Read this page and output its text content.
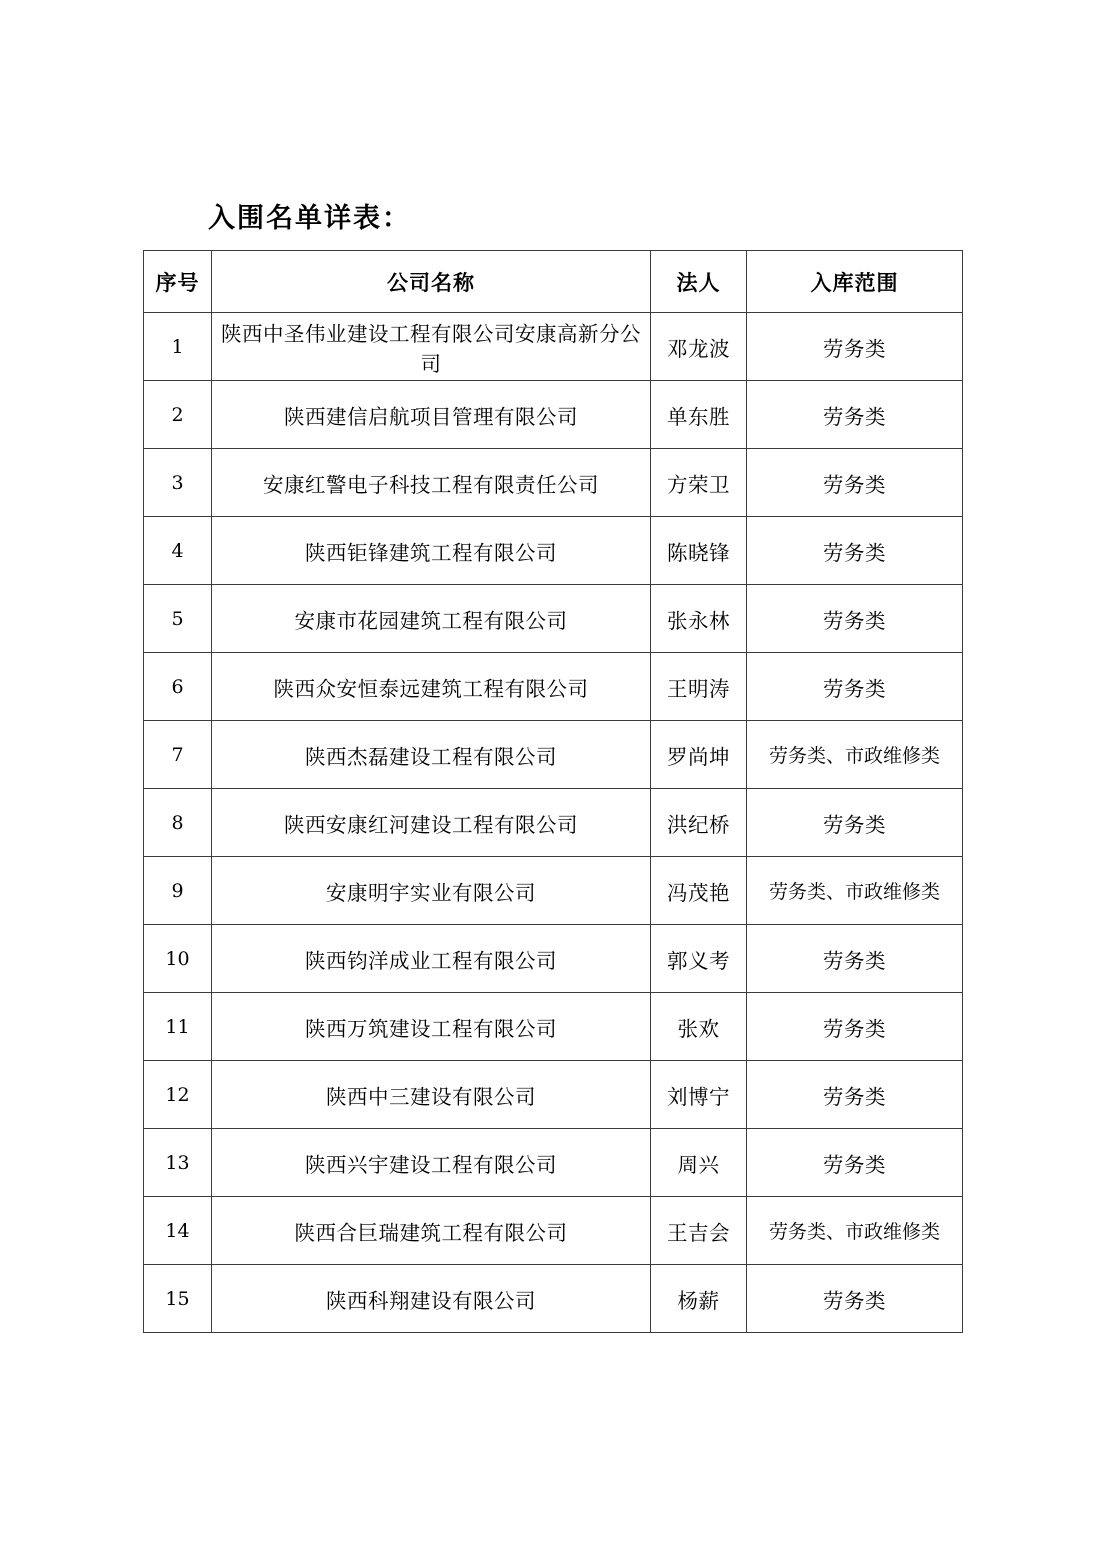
入围名单详表：
序号	公司名称	法人	入库范围
1	陕西中圣伟业建设工程有限公司安康高新分公司	邓龙波	劳务类
2	陕西建信启航项目管理有限公司	单东胜	劳务类
3	安康红警电子科技工程有限责任公司	方荣卫	劳务类
4	陕西钜锋建筑工程有限公司	陈晓锋	劳务类
5	安康市花园建筑工程有限公司	张永林	劳务类
6	陕西众安恒泰远建筑工程有限公司	王明涛	劳务类
7	陕西杰磊建设工程有限公司	罗尚坤	劳务类、市政维修类
8	陕西安康红河建设工程有限公司	洪纪桥	劳务类
9	安康明宇实业有限公司	冯茂艳	劳务类、市政维修类
10	陕西钧洋成业工程有限公司	郭义考	劳务类
11	陕西万筑建设工程有限公司	张欢	劳务类
12	陕西中三建设有限公司	刘博宁	劳务类
13	陕西兴宇建设工程有限公司	周兴	劳务类
14	陕西合巨瑞建筑工程有限公司	王吉会	劳务类、市政维修类
15	陕西科翔建设有限公司	杨薪	劳务类
